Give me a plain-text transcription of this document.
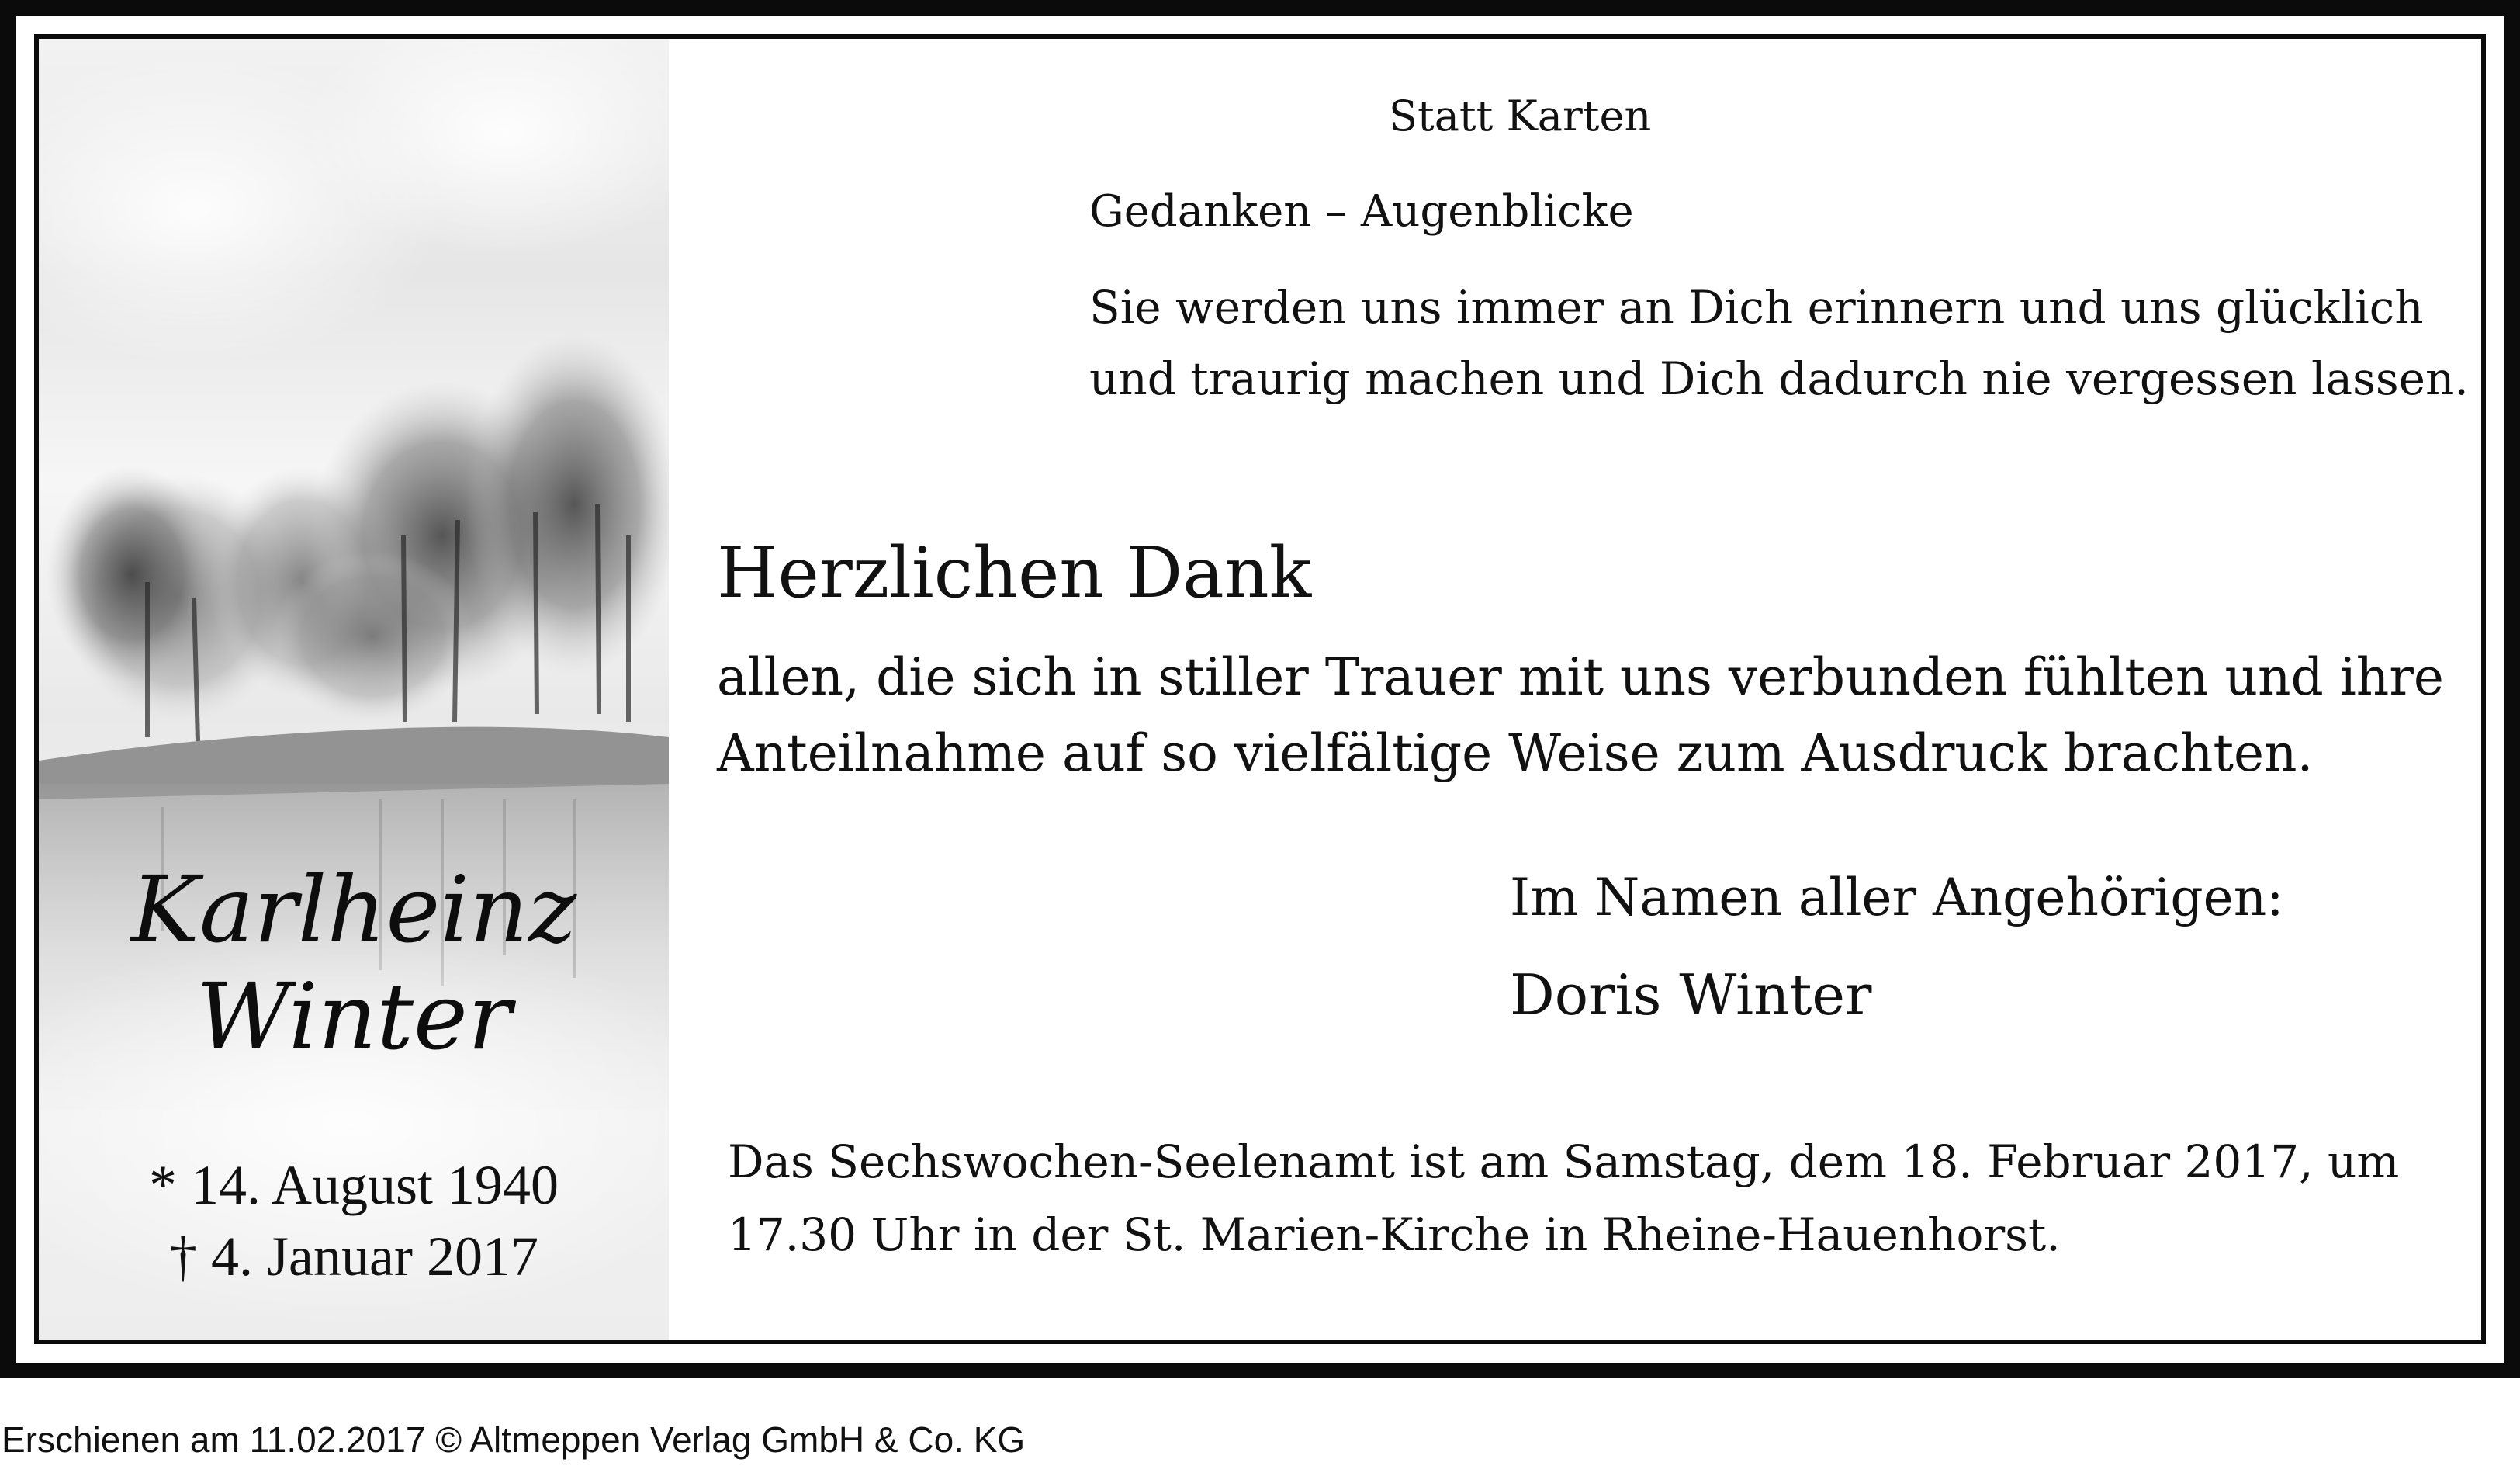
Karlheinz
Winter
* 14. August 1940
† 4. Januar 2017
Statt Karten
Gedanken – Augenblicke
Sie werden uns immer an Dich erinnern und uns glücklich
und traurig machen und Dich dadurch nie vergessen lassen.
Herzlichen Dank
allen, die sich in stiller Trauer mit uns verbunden fühlten und ihre
Anteilnahme auf so vielfältige Weise zum Ausdruck brachten.
Im Namen aller Angehörigen:
Doris Winter
Das Sechswochen-Seelenamt ist am Samstag, dem 18. Februar 2017, um
17.30 Uhr in der St. Marien-Kirche in Rheine-Hauenhorst.
Erschienen am 11.02.2017 © Altmeppen Verlag GmbH & Co. KG
